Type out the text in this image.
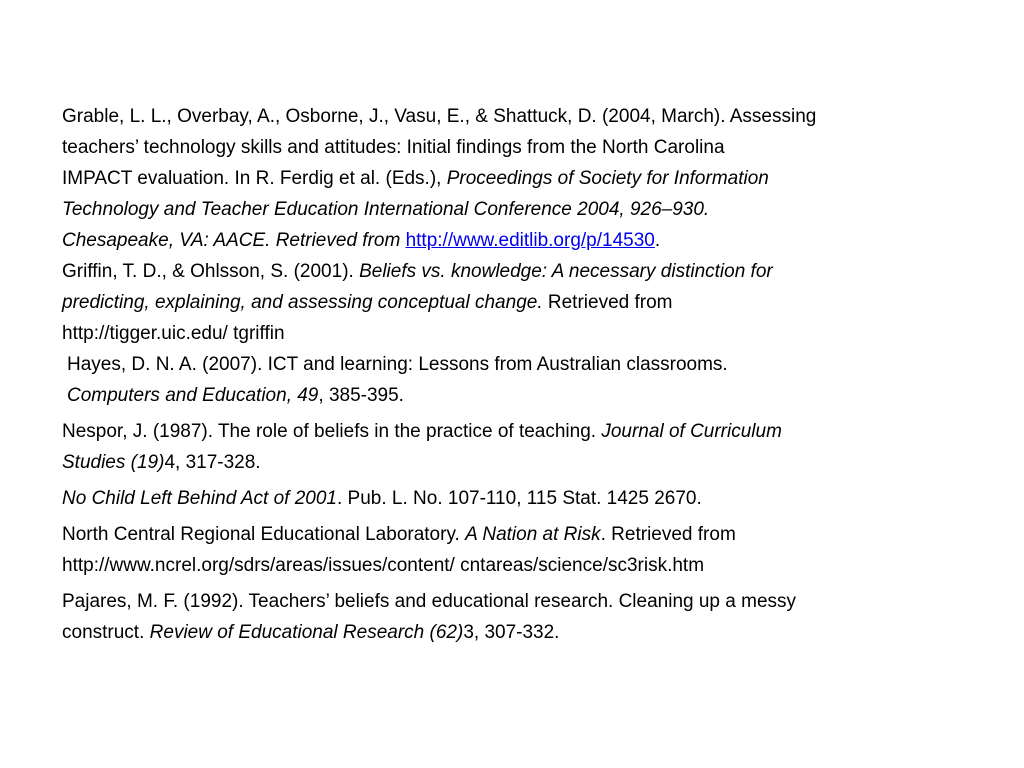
Grable, L. L., Overbay, A., Osborne, J., Vasu, E., & Shattuck, D. (2004, March). Assessing
teachers’ technology skills and attitudes: Initial findings from the North Carolina
IMPACT evaluation. In R. Ferdig et al. (Eds.), Proceedings of Society for Information
Technology and Teacher Education International Conference 2004, 926–930.
Chesapeake, VA: AACE. Retrieved from http://www.editlib.org/p/14530.
Griffin, T. D., & Ohlsson, S. (2001). Beliefs vs. knowledge: A necessary distinction for
predicting, explaining, and assessing conceptual change. Retrieved from
http://tigger.uic.edu/ tgriffin
Hayes, D. N. A. (2007). ICT and learning: Lessons from Australian classrooms.
Computers and Education, 49, 385-395.
Nespor, J. (1987). The role of beliefs in the practice of teaching. Journal of Curriculum
Studies (19)4, 317-328.
No Child Left Behind Act of 2001. Pub. L. No. 107-110, 115 Stat. 1425 2670.
North Central Regional Educational Laboratory. A Nation at Risk. Retrieved from
http://www.ncrel.org/sdrs/areas/issues/content/ cntareas/science/sc3risk.htm
Pajares, M. F. (1992). Teachers’ beliefs and educational research. Cleaning up a messy
construct. Review of Educational Research (62)3, 307-332.
